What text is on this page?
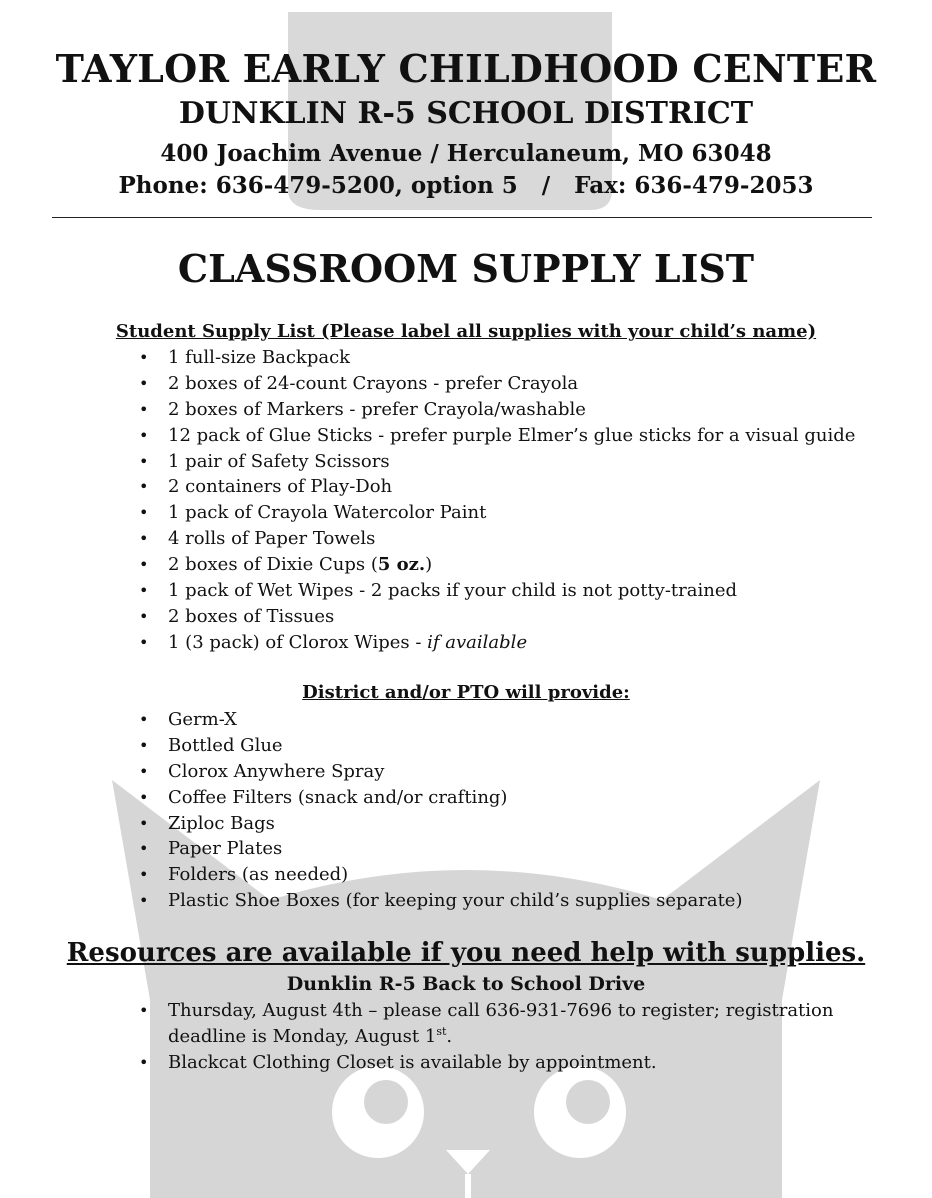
TAYLOR EARLY CHILDHOOD CENTER
DUNKLIN R-5 SCHOOL DISTRICT
400 Joachim Avenue / Herculaneum, MO 63048
Phone: 636-479-5200, option 5   /   Fax: 636-479-2053
CLASSROOM SUPPLY LIST
Student Supply List (Please label all supplies with your child’s name)
• 1 full-size Backpack
• 2 boxes of 24-count Crayons - prefer Crayola
• 2 boxes of Markers - prefer Crayola/washable
• 12 pack of Glue Sticks - prefer purple Elmer’s glue sticks for a visual guide
• 1 pair of Safety Scissors
• 2 containers of Play-Doh
• 1 pack of Crayola Watercolor Paint
• 4 rolls of Paper Towels
• 2 boxes of Dixie Cups (5 oz.)
• 1 pack of Wet Wipes - 2 packs if your child is not potty-trained
• 2 boxes of Tissues
• 1 (3 pack) of Clorox Wipes - if available
District and/or PTO will provide:
• Germ-X
• Bottled Glue
• Clorox Anywhere Spray
• Coffee Filters (snack and/or crafting)
• Ziploc Bags
• Paper Plates
• Folders (as needed)
• Plastic Shoe Boxes (for keeping your child’s supplies separate)
Resources are available if you need help with supplies.
Dunklin R-5 Back to School Drive
• Thursday, August 4th – please call 636-931-7696 to register; registration deadline is Monday, August 1st.
• Blackcat Clothing Closet is available by appointment.
